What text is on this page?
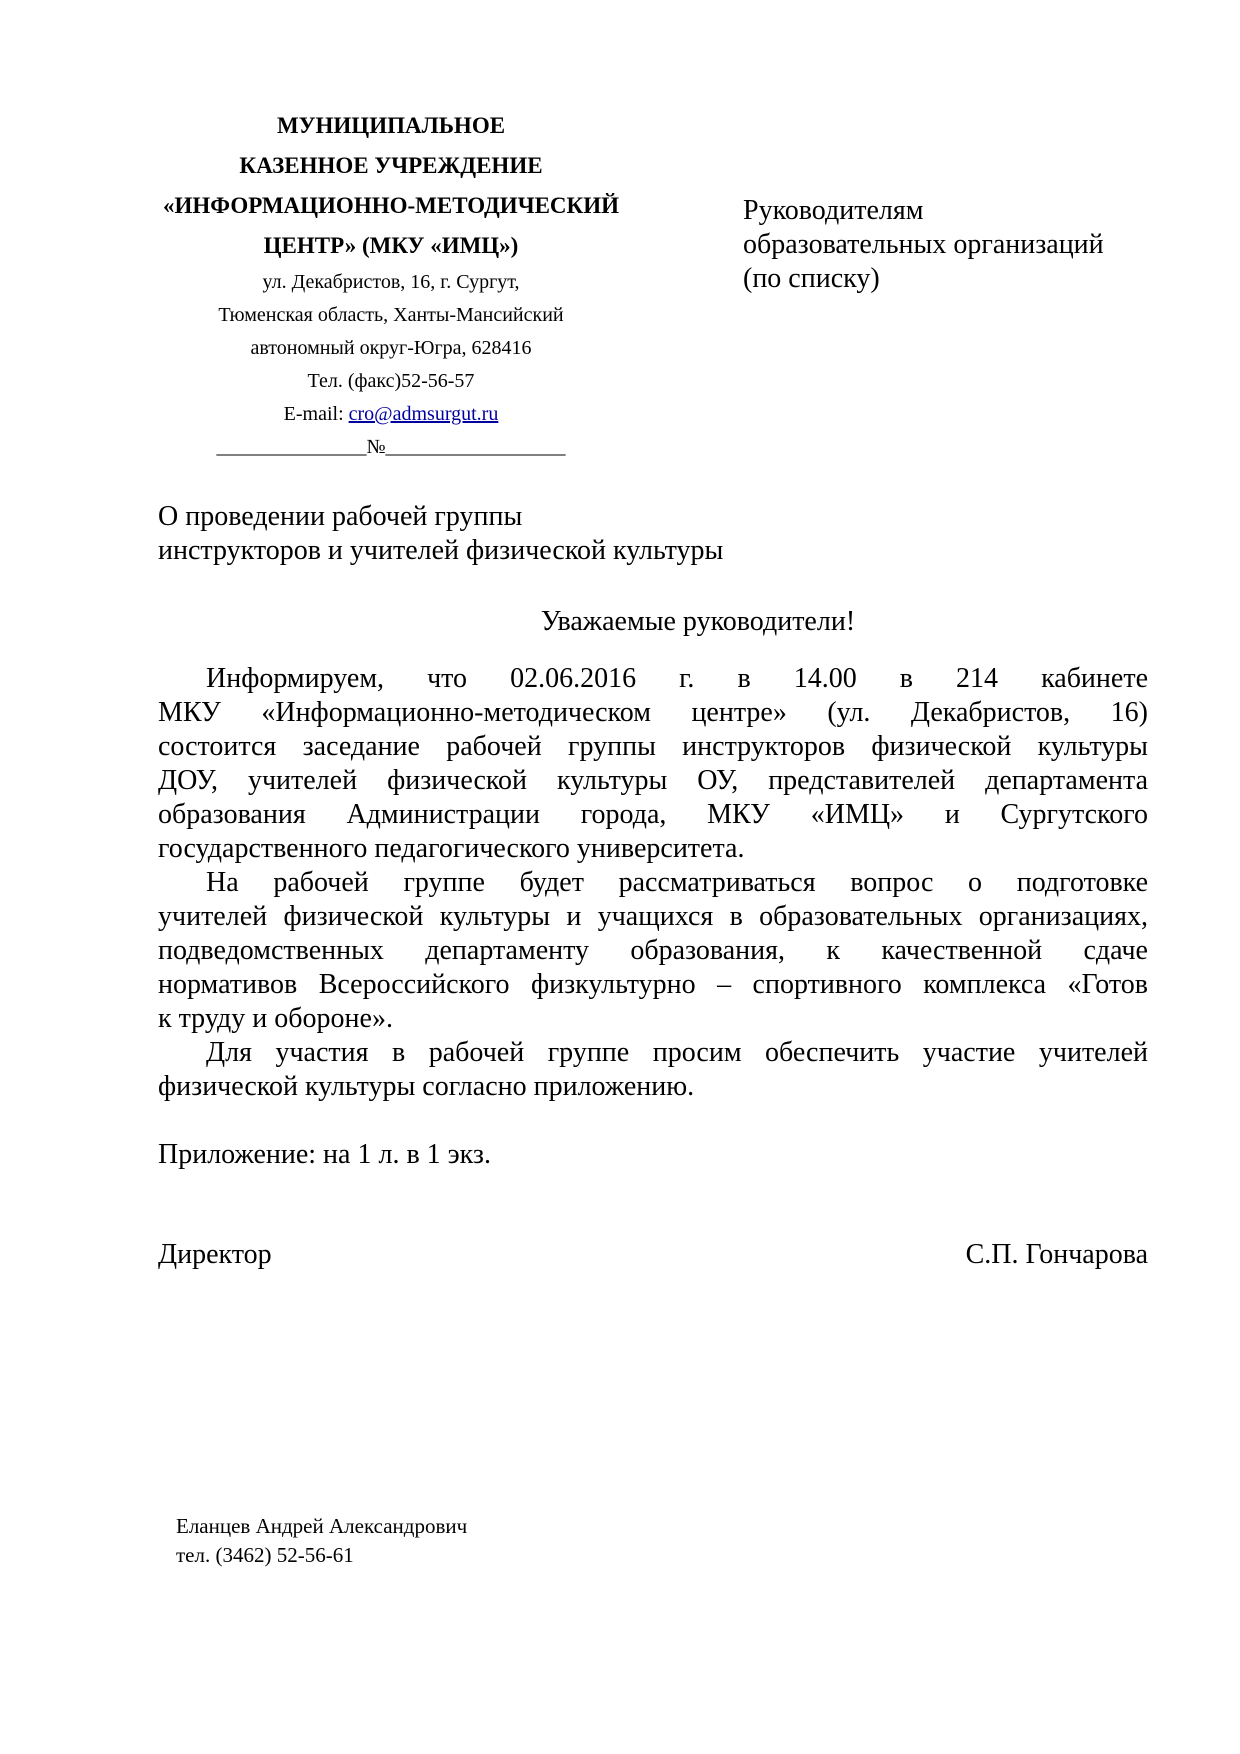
МУНИЦИПАЛЬНОЕ
КАЗЕННОЕ УЧРЕЖДЕНИЕ
«ИНФОРМАЦИОННО-МЕТОДИЧЕСКИЙ
ЦЕНТР» (МКУ «ИМЦ»)
ул. Декабристов, 16, г. Сургут,
Тюменская область, Ханты-Мансийский
автономный округ-Югра, 628416
Тел. (факс)52-56-57
E-mail: cro@admsurgut.ru
_______________№__________________
Руководителям
образовательных организаций
(по списку)
О проведении рабочей группы
инструкторов и учителей физической культуры
Уважаемые руководители!
Информируем, что 02.06.2016 г. в 14.00 в 214 кабинете
МКУ «Информационно-методическом центре» (ул. Декабристов, 16)
состоится заседание рабочей группы инструкторов физической культуры
ДОУ, учителей физической культуры ОУ, представителей департамента
образования Администрации города, МКУ «ИМЦ» и Сургутского
государственного педагогического университета.
На рабочей группе будет рассматриваться вопрос о подготовке
учителей физической культуры и учащихся в образовательных организациях,
подведомственных департаменту образования, к качественной сдаче
нормативов Всероссийского физкультурно – спортивного комплекса «Готов
к труду и обороне».
Для участия в рабочей группе просим обеспечить участие учителей
физической культуры согласно приложению.
Приложение: на 1 л. в 1 экз.
Директор	С.П. Гончарова
Еланцев Андрей Александрович
тел. (3462) 52-56-61
